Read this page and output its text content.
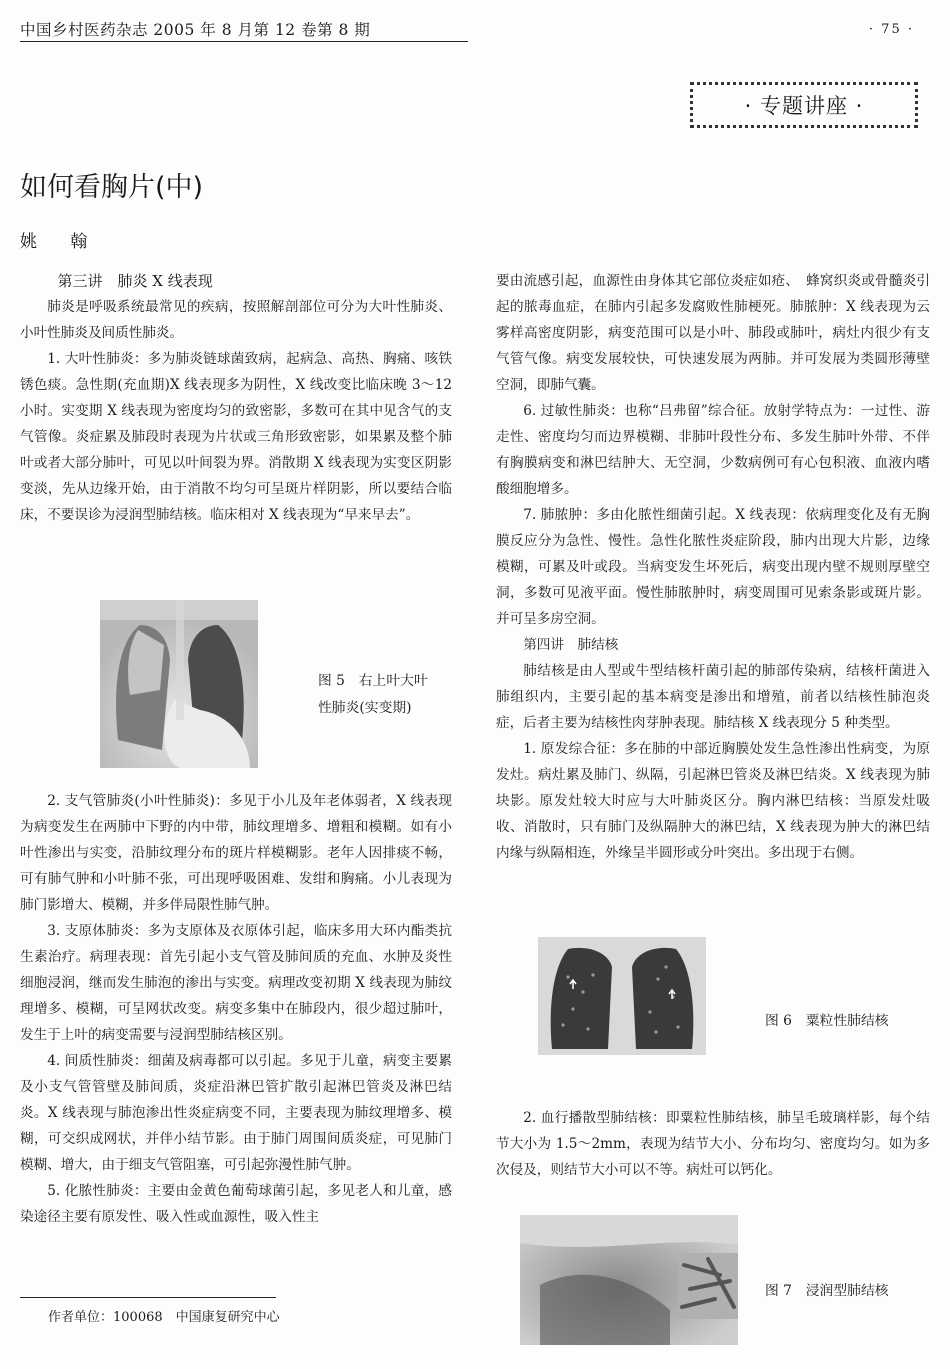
中国乡村医药杂志 2005 年 8 月第 12 卷第 8 期	· 75 ·
· 专题讲座 ·
如何看胸片(中)
姚 翰

第三讲　肺炎 X 线表现

肺炎是呼吸系统最常见的疾病，按照解剖部位可分为大叶性肺炎、小叶性肺炎及间质性肺炎。

1. 大叶性肺炎：多为肺炎链球菌致病，起病急、高热、胸痛、咳铁锈色痰。急性期(充血期)X 线表现多为阴性，X 线改变比临床晚 3～12 小时。实变期 X 线表现为密度均匀的致密影，多数可在其中见含气的支气管像。炎症累及肺段时表现为片状或三角形致密影，如果累及整个肺叶或者大部分肺叶，可见以叶间裂为界。消散期 X 线表现为实变区阴影变淡，先从边缘开始，由于消散不均匀可呈斑片样阴影，所以要结合临床，不要误诊为浸润型肺结核。临床相对 X 线表现为“早来早去”。

图 5　右上叶大叶
性肺炎(实变期)

2. 支气管肺炎(小叶性肺炎)：多见于小儿及年老体弱者，X 线表现为病变发生在两肺中下野的内中带，肺纹理增多、增粗和模糊。如有小叶性渗出与实变，沿肺纹理分布的斑片样模糊影。老年人因排痰不畅，可有肺气肿和小叶肺不张，可出现呼吸困难、发绀和胸痛。小儿表现为肺门影增大、模糊，并多伴局限性肺气肿。

3. 支原体肺炎：多为支原体及衣原体引起，临床多用大环内酯类抗生素治疗。病理表现：首先引起小支气管及肺间质的充血、水肿及炎性细胞浸润，继而发生肺泡的渗出与实变。病理改变初期 X 线表现为肺纹理增多、模糊，可呈网状改变。病变多集中在肺段内，很少超过肺叶，发生于上叶的病变需要与浸润型肺结核区别。

4. 间质性肺炎：细菌及病毒都可以引起。多见于儿童，病变主要累及小支气管管壁及肺间质，炎症沿淋巴管扩散引起淋巴管炎及淋巴结炎。X 线表现与肺泡渗出性炎症病变不同，主要表现为肺纹理增多、模糊，可交织成网状，并伴小结节影。由于肺门周围间质炎症，可见肺门模糊、增大，由于细支气管阻塞，可引起弥漫性肺气肿。

5. 化脓性肺炎：主要由金黄色葡萄球菌引起，多见老人和儿童，感染途径主要有原发性、吸入性或血源性，吸入性主

要由流感引起，血源性由身体其它部位炎症如疮、　蜂窝织炎或骨髓炎引起的脓毒血症，在肺内引起多发腐败性肺梗死。肺脓肿：X 线表现为云雾样高密度阴影，病变范围可以是小叶、肺段或肺叶，病灶内很少有支气管气像。病变发展较快，可快速发展为两肺。并可发展为类圆形薄壁空洞，即肺气囊。

6. 过敏性肺炎：也称“吕弗留”综合征。放射学特点为：一过性、游走性、密度均匀而边界模糊、非肺叶段性分布、多发生肺叶外带、不伴有胸膜病变和淋巴结肿大、无空洞，少数病例可有心包积液、血液内嗜酸细胞增多。

7. 肺脓肿：多由化脓性细菌引起。X 线表现：依病理变化及有无胸膜反应分为急性、慢性。急性化脓性炎症阶段，肺内出现大片影，边缘模糊，可累及叶或段。当病变发生坏死后，病变出现内壁不规则厚壁空洞，多数可见液平面。慢性肺脓肿时，病变周围可见索条影或斑片影。并可呈多房空洞。

第四讲　肺结核

肺结核是由人型或牛型结核杆菌引起的肺部传染病，结核杆菌进入肺组织内，主要引起的基本病变是渗出和增殖，前者以结核性肺泡炎症，后者主要为结核性肉芽肿表现。肺结核 X 线表现分 5 种类型。

1. 原发综合征：多在肺的中部近胸膜处发生急性渗出性病变，为原发灶。病灶累及肺门、纵隔，引起淋巴管炎及淋巴结炎。X 线表现为肺块影。原发灶较大时应与大叶肺炎区分。胸内淋巴结核：当原发灶吸收、消散时，只有肺门及纵隔肿大的淋巴结，X 线表现为肿大的淋巴结内缘与纵隔相连，外缘呈半圆形或分叶突出。多出现于右侧。

图 6　粟粒性肺结核

2. 血行播散型肺结核：即粟粒性肺结核，肺呈毛玻璃样影，每个结节大小为 1.5～2mm，表现为结节大小、分布均匀、密度均匀。如为多次侵及，则结节大小可以不等。病灶可以钙化。

图 7　浸润型肺结核
作者单位：100068　中国康复研究中心
